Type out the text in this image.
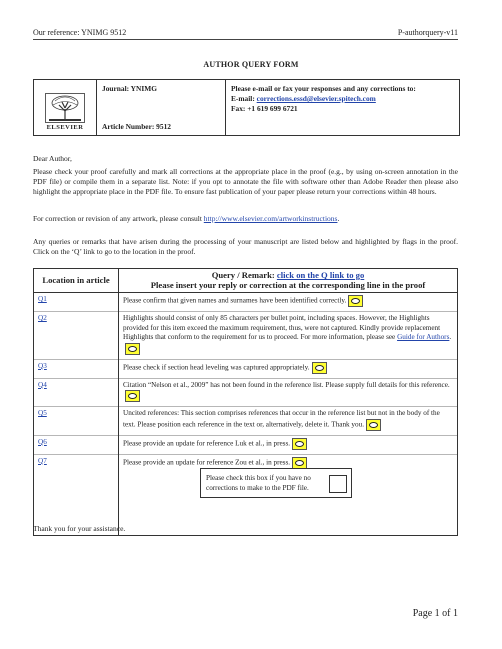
Our reference: YNIMG 9512	P-authorquery-v11
AUTHOR QUERY FORM
ELSEVIER
Journal: YNIMG
Article Number: 9512
Please e-mail or fax your responses and any corrections to:
E-mail: corrections.essd@elsevier.spitech.com
Fax: +1 619 699 6721
Dear Author,
Please check your proof carefully and mark all corrections at the appropriate place in the proof (e.g., by using on-screen annotation in the PDF file) or compile them in a separate list. Note: if you opt to annotate the file with software other than Adobe Reader then please also highlight the appropriate place in the PDF file. To ensure fast publication of your paper please return your corrections within 48 hours.
For correction or revision of any artwork, please consult http://www.elsevier.com/artworkinstructions.
Any queries or remarks that have arisen during the processing of your manuscript are listed below and highlighted by flags in the proof. Click on the ‘Q’ link to go to the location in the proof.
Location in article	Query / Remark: click on the Q link to go
Please insert your reply or correction at the corresponding line in the proof
Q1	Please confirm that given names and surnames have been identified correctly.
Q2	Highlights should consist of only 85 characters per bullet point, including spaces. However, the Highlights provided for this item exceed the maximum requirement, thus, were not captured. Kindly provide replacement Highlights that conform to the requirement for us to proceed. For more information, please see Guide for Authors.
Q3	Please check if section head leveling was captured appropriately.
Q4	Citation “Nelson et al., 2009” has not been found in the reference list. Please supply full details for this reference.
Q5	Uncited references: This section comprises references that occur in the reference list but not in the body of the text. Please position each reference in the text or, alternatively, delete it. Thank you.
Q6	Please provide an update for reference Luk et al., in press.
Q7	Please provide an update for reference Zou et al., in press.
Please check this box if you have no corrections to make to the PDF file.
Thank you for your assistance.
Page 1 of 1
